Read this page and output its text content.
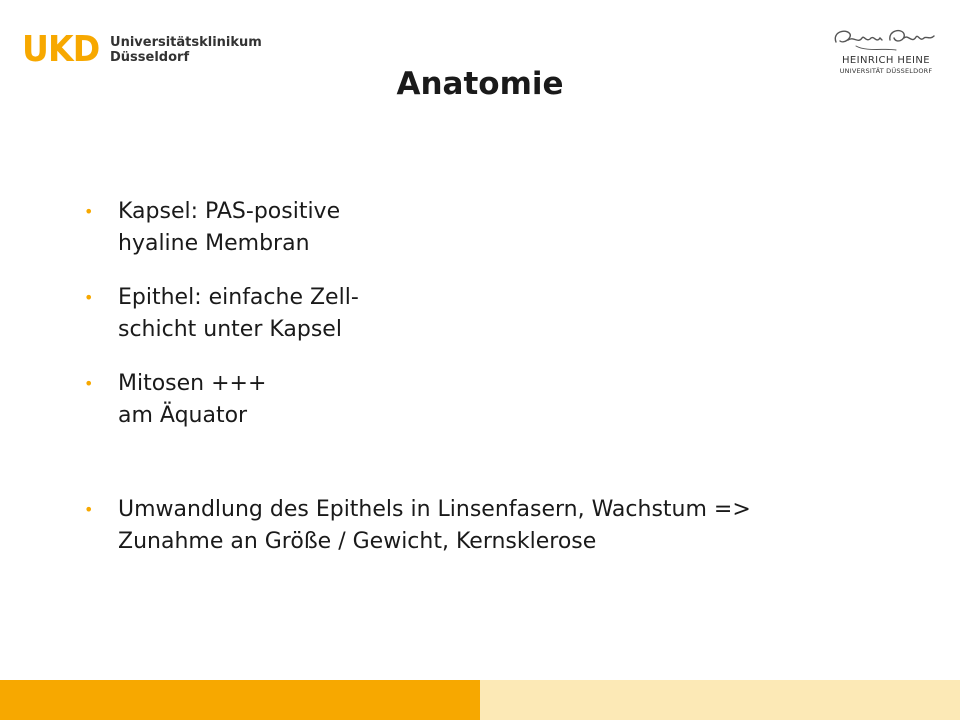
UKD Universitätsklinikum
Düsseldorf	HEINRICH HEINE
UNIVERSITÄT DÜSSELDORF
Anatomie
• Kapsel: PAS-positive
hyaline Membran
• Epithel: einfache Zell-
schicht unter Kapsel
• Mitosen +++
am Äquator
• Umwandlung des Epithels in Linsenfasern, Wachstum =>
Zunahme an Größe / Gewicht, Kernsklerose
